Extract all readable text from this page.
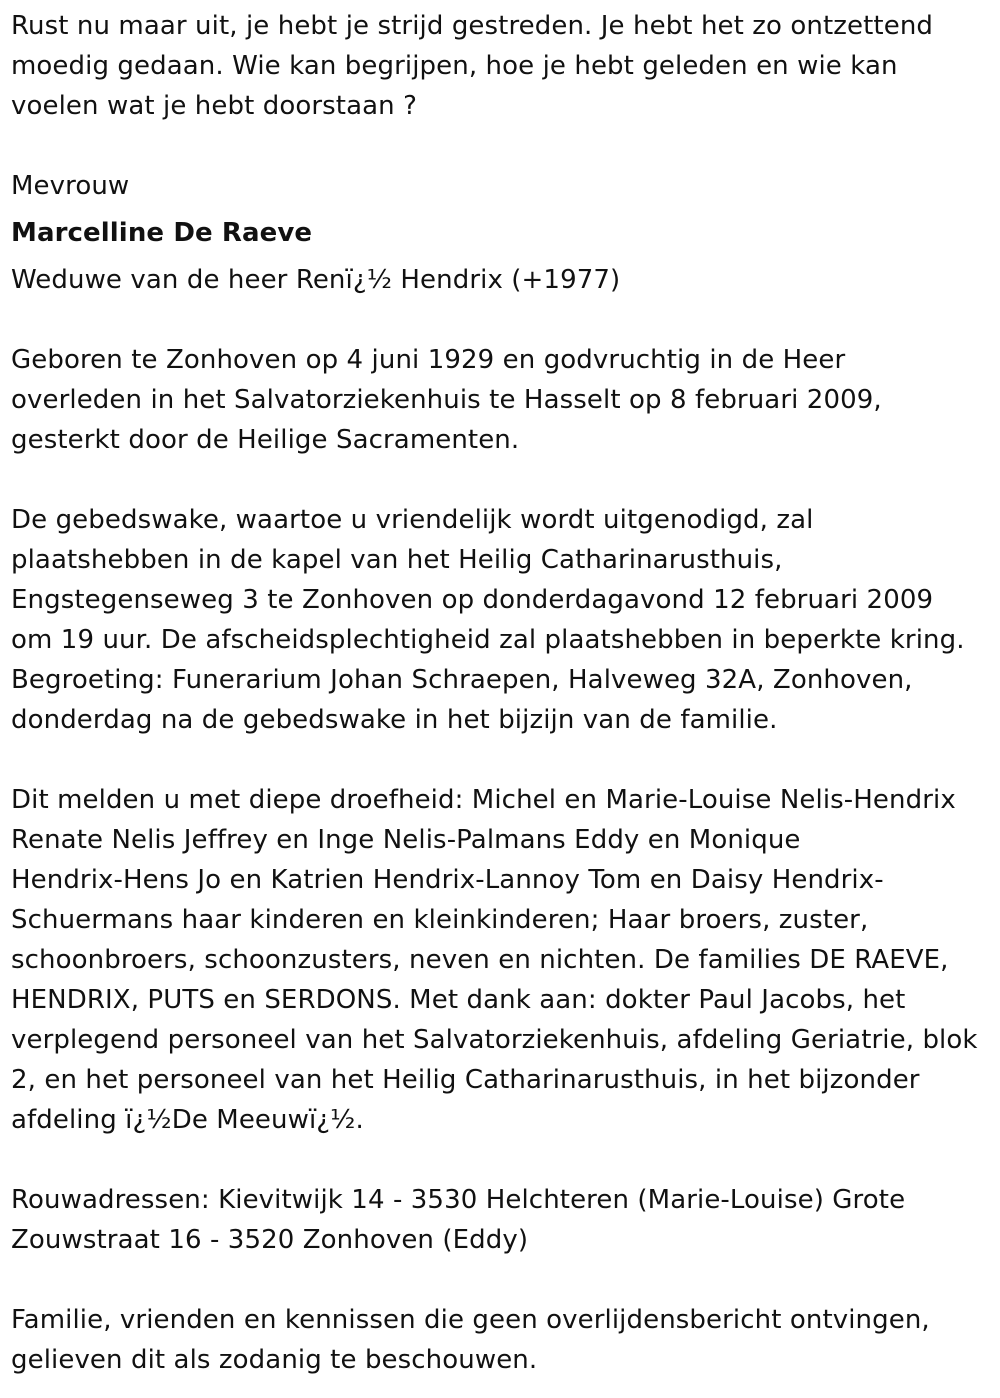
Rust nu maar uit, je hebt je strijd gestreden. Je hebt het zo ontzettend
moedig gedaan. Wie kan begrijpen, hoe je hebt geleden en wie kan
voelen wat je hebt doorstaan ?

Mevrouw

Marcelline De Raeve

Weduwe van de heer Renï¿½ Hendrix (+1977)

Geboren te Zonhoven op 4 juni 1929 en godvruchtig in de Heer
overleden in het Salvatorziekenhuis te Hasselt op 8 februari 2009,
gesterkt door de Heilige Sacramenten.

De gebedswake, waartoe u vriendelijk wordt uitgenodigd, zal
plaatshebben in de kapel van het Heilig Catharinarusthuis,
Engstegenseweg 3 te Zonhoven op donderdagavond 12 februari 2009
om 19 uur. De afscheidsplechtigheid zal plaatshebben in beperkte kring.
Begroeting: Funerarium Johan Schraepen, Halveweg 32A, Zonhoven,
donderdag na de gebedswake in het bijzijn van de familie.

Dit melden u met diepe droefheid: Michel en Marie-Louise Nelis-Hendrix
Renate Nelis Jeffrey en Inge Nelis-Palmans Eddy en Monique
Hendrix-Hens Jo en Katrien Hendrix-Lannoy Tom en Daisy Hendrix-
Schuermans haar kinderen en kleinkinderen; Haar broers, zuster,
schoonbroers, schoonzusters, neven en nichten. De families DE RAEVE,
HENDRIX, PUTS en SERDONS. Met dank aan: dokter Paul Jacobs, het
verplegend personeel van het Salvatorziekenhuis, afdeling Geriatrie, blok
2, en het personeel van het Heilig Catharinarusthuis, in het bijzonder
afdeling ï¿½De Meeuwï¿½.

Rouwadressen: Kievitwijk 14 - 3530 Helchteren (Marie-Louise) Grote
Zouwstraat 16 - 3520 Zonhoven (Eddy)

Familie, vrienden en kennissen die geen overlijdensbericht ontvingen,
gelieven dit als zodanig te beschouwen.
